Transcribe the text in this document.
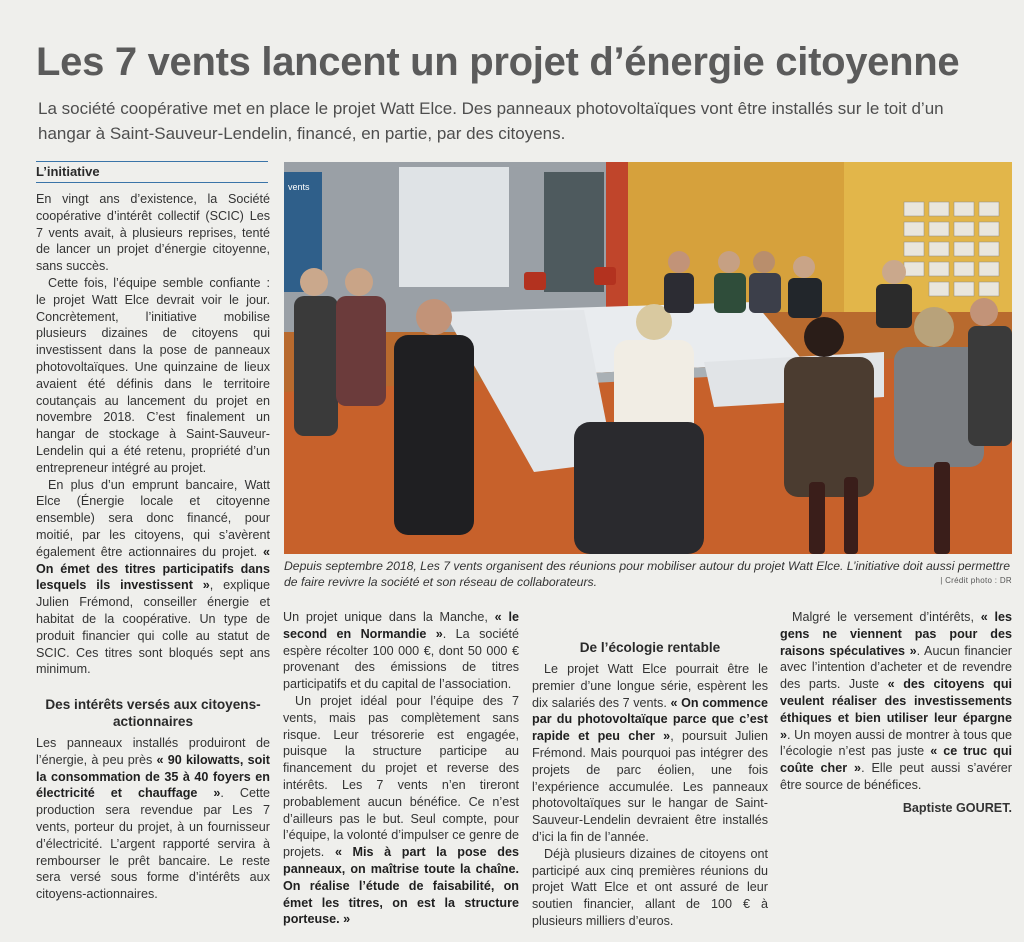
Les 7 vents lancent un projet d’énergie citoyenne
La société coopérative met en place le projet Watt Elce. Des panneaux photovoltaïques vont être installés sur le toit d’un hangar à Saint-Sauveur-Lendelin, financé, en partie, par des citoyens.
L’initiative

En vingt ans d’existence, la Société coopérative d’intérêt collectif (SCIC) Les 7 vents avait, à plusieurs reprises, tenté de lancer un projet d’énergie citoyenne, sans succès.

Cette fois, l’équipe semble confiante : le projet Watt Elce devrait voir le jour. Concrètement, l’initiative mobilise plusieurs dizaines de citoyens qui investissent dans la pose de panneaux photovoltaïques. Une quinzaine de lieux avaient été définis dans le territoire coutançais au lancement du projet en novembre 2018. C’est finalement un hangar de stockage à Saint-Sauveur-Lendelin qui a été retenu, propriété d’un entrepreneur intégré au projet.

En plus d’un emprunt bancaire, Watt Elce (Énergie locale et citoyenne ensemble) sera donc financé, pour moitié, par les citoyens, qui s’avèrent également être actionnaires du projet. « On émet des titres participatifs dans lesquels ils investissent », explique Julien Frémond, conseiller énergie et habitat de la coopérative. Un type de produit financier qui colle au statut de SCIC. Ces titres sont bloqués sept ans minimum.

Des intérêts versés aux citoyens-actionnaires

Les panneaux installés produiront de l’énergie, à peu près « 90 kilowatts, soit la consommation de 35 à 40 foyers en électricité et chauffage ». Cette production sera revendue par Les 7 vents, porteur du projet, à un fournisseur d’électricité. L’argent rapporté servira à rembourser le prêt bancaire. Le reste sera versé sous forme d’intérêts aux citoyens-actionnaires.

vents
Depuis septembre 2018, Les 7 vents organisent des réunions pour mobiliser autour du projet Watt Elce. L’initiative doit aussi permettre de faire revivre la société et son réseau de collaborateurs.	| Crédit photo : DR

Un projet unique dans la Manche, « le second en Normandie ». La société espère récolter 100 000 €, dont 50 000 € provenant des émissions de titres participatifs et du capital de l’association.

Un projet idéal pour l’équipe des 7 vents, mais pas complètement sans risque. Leur trésorerie est engagée, puisque la structure participe au financement du projet et reverse des intérêts. Les 7 vents n’en tireront probablement aucun bénéfice. Ce n’est d’ailleurs pas le but. Seul compte, pour l’équipe, la volonté d’impulser ce genre de projets. « Mis à part la pose des panneaux, on maîtrise toute la chaîne. On réalise l’étude de faisabilité, on émet les titres, on est la structure porteuse. »

De l’écologie rentable

Le projet Watt Elce pourrait être le premier d’une longue série, espèrent les dix salariés des 7 vents. « On commence par du photovoltaïque parce que c’est rapide et peu cher », poursuit Julien Frémond. Mais pourquoi pas intégrer des projets de parc éolien, une fois l’expérience accumulée. Les panneaux photovoltaïques sur le hangar de Saint-Sauveur-Lendelin devraient être installés d’ici la fin de l’année.

Déjà plusieurs dizaines de citoyens ont participé aux cinq premières réunions du projet Watt Elce et ont assuré de leur soutien financier, allant de 100 € à plusieurs milliers d’euros.

Malgré le versement d’intérêts, « les gens ne viennent pas pour des raisons spéculatives ». Aucun financier avec l’intention d’acheter et de revendre des parts. Juste « des citoyens qui veulent réaliser des investissements éthiques et bien utiliser leur épargne ». Un moyen aussi de montrer à tous que l’écologie n’est pas juste « ce truc qui coûte cher ». Elle peut aussi s’avérer être source de bénéfices.

Baptiste GOURET.
